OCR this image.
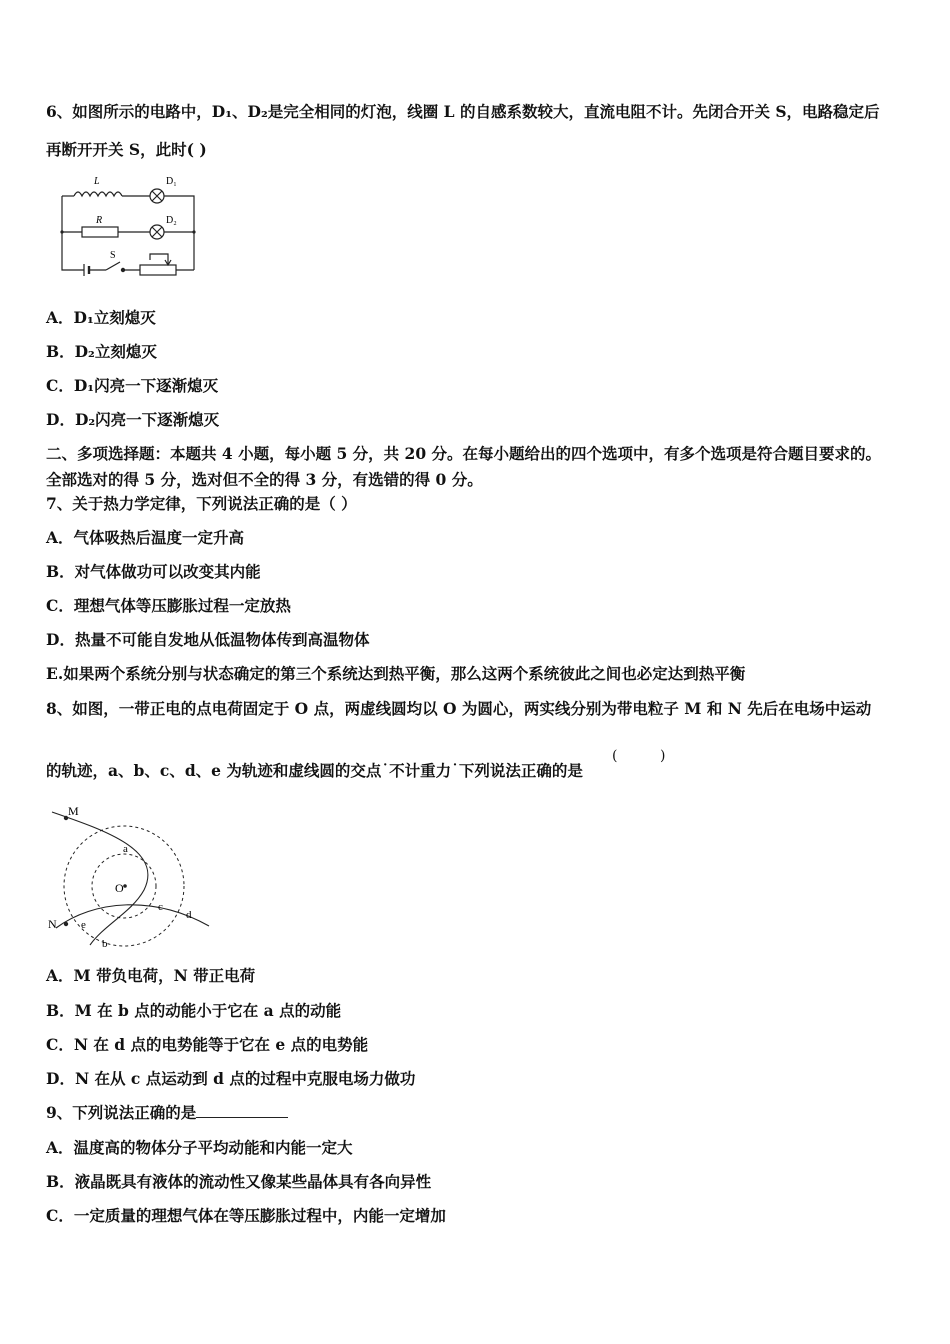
6、如图所示的电路中，D₁、D₂是完全相同的灯泡，线圈 L 的自感系数较大，直流电阻不计。先闭合开关 S，电路稳定后
再断开开关 S，此时( )
L	D₁
R	D₂
S
A．D₁立刻熄灭
B．D₂立刻熄灭
C．D₁闪亮一下逐渐熄灭
D．D₂闪亮一下逐渐熄灭
二、多项选择题：本题共 4 小题，每小题 5 分，共 20 分。在每小题给出的四个选项中，有多个选项是符合题目要求的。
全部选对的得 5 分，选对但不全的得 3 分，有选错的得 0 分。
7、关于热力学定律，下列说法正确的是（ ）
A．气体吸热后温度一定升高
B．对气体做功可以改变其内能
C．理想气体等压膨胀过程一定放热
D．热量不可能自发地从低温物体传到高温物体
E.如果两个系统分别与状态确定的第三个系统达到热平衡，那么这两个系统彼此之间也必定达到热平衡
8、如图，一带正电的点电荷固定于 O 点，两虚线圆均以 O 为圆心，两实线分别为带电粒子 M 和 N 先后在电场中运动
的轨迹，a、b、c、d、e 为轨迹和虚线圆的交点˙不计重力˙下列说法正确的是
(	)
M
N
O
a
b
c
d
e
A．M 带负电荷，N 带正电荷
B．M 在 b 点的动能小于它在 a 点的动能
C．N 在 d 点的电势能等于它在 e 点的电势能
D．N 在从 c 点运动到 d 点的过程中克服电场力做功
9、下列说法正确的是
A．温度高的物体分子平均动能和内能一定大
B．液晶既具有液体的流动性又像某些晶体具有各向异性
C．一定质量的理想气体在等压膨胀过程中，内能一定增加
